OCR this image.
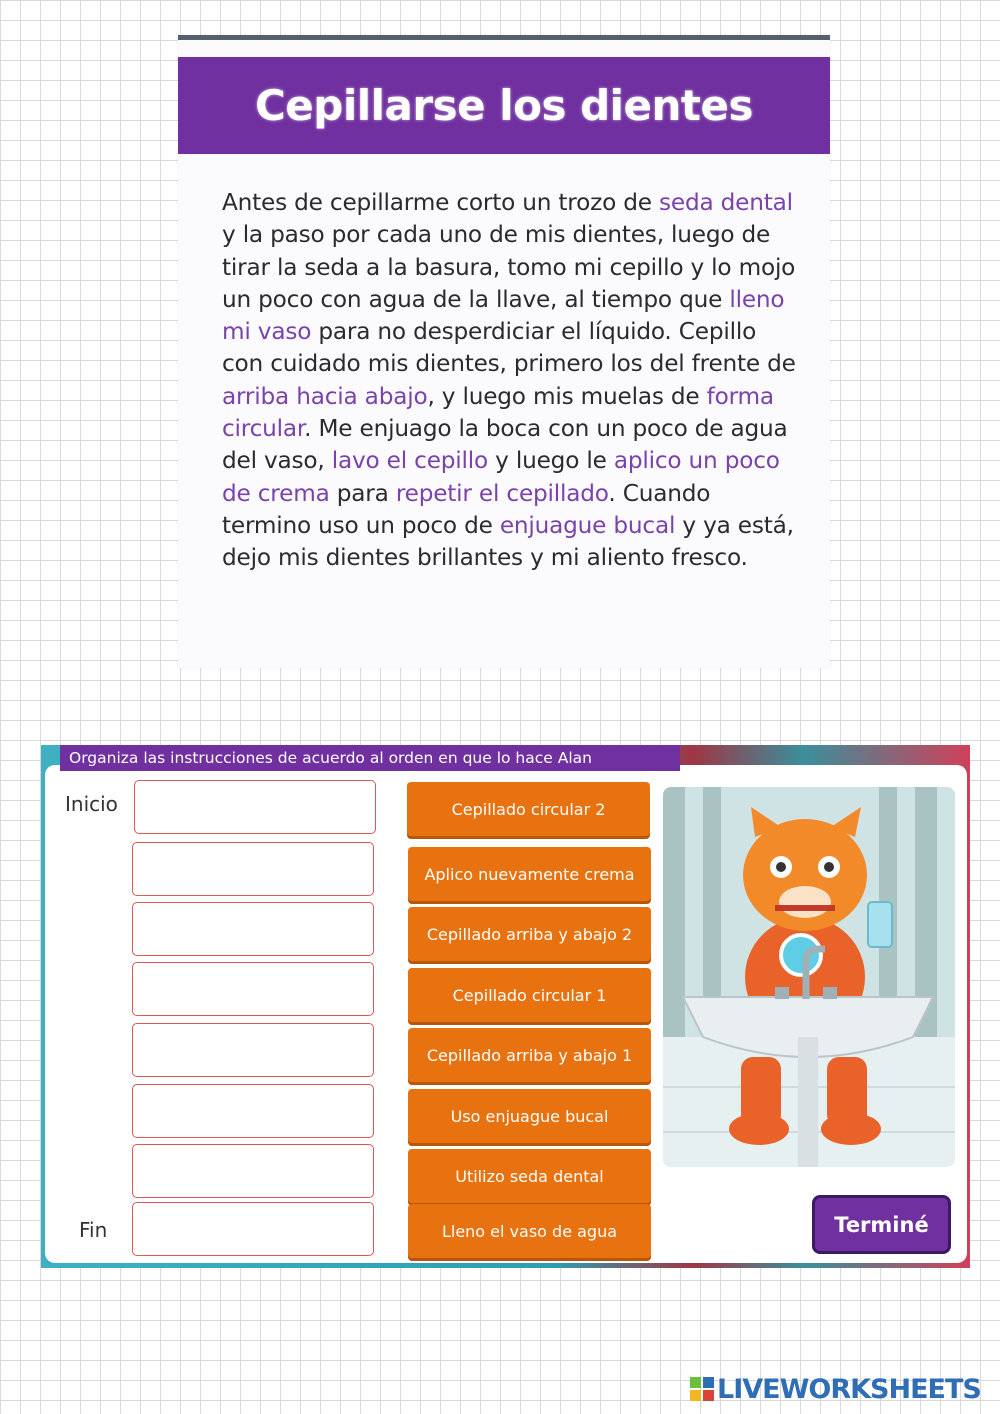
Cepillarse los dientes

Antes de cepillarme corto un trozo de seda dental y la paso por cada uno de mis dientes, luego de tirar la seda a la basura, tomo mi cepillo y lo mojo un poco con agua de la llave, al tiempo que lleno mi vaso para no desperdiciar el líquido. Cepillo con cuidado mis dientes, primero los del frente de arriba hacia abajo, y luego mis muelas de forma circular. Me enjuago la boca con un poco de agua del vaso, lavo el cepillo y luego le aplico un poco de crema para repetir el cepillado. Cuando termino uso un poco de enjuague bucal y ya está, dejo mis dientes brillantes y mi aliento fresco.

Organiza las instrucciones de acuerdo al orden en que lo hace Alan
Inicio
Fin
Cepillado circular 2
Aplico nuevamente crema
Cepillado arriba y abajo 2
Cepillado circular 1
Cepillado arriba y abajo 1
Uso enjuague bucal
Utilizo seda dental
Lleno el vaso de agua	Terminé
LIVEWORKSHEETS
